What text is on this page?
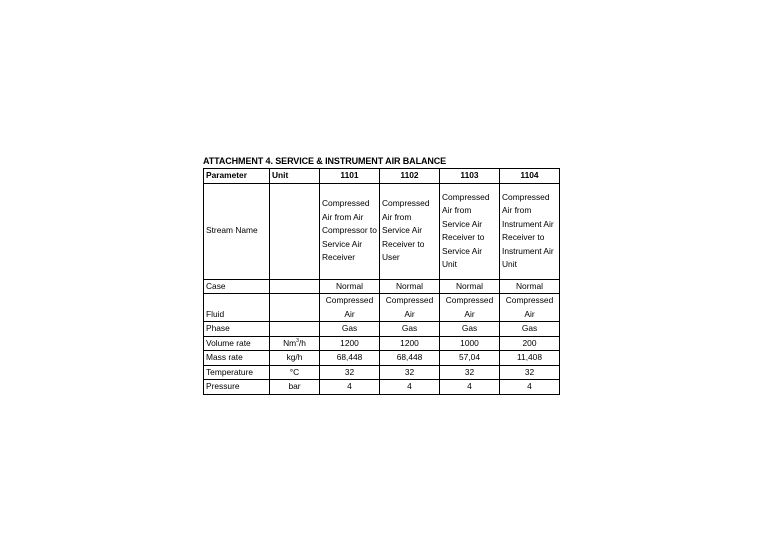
ATTACHMENT 4. SERVICE & INSTRUMENT AIR BALANCE
Parameter	Unit	1101	1102	1103	1104
Stream Name		Compressed Air from Air Compressor to Service Air Receiver	Compressed Air from Service Air Receiver to User	Compressed Air from Service Air Receiver to Service Air Unit	Compressed Air from Instrument Air Receiver to Instrument Air Unit
Case		Normal	Normal	Normal	Normal
Fluid		Compressed Air	Compressed Air	Compressed Air	Compressed Air
Phase		Gas	Gas	Gas	Gas
Volume rate	Nm$^3$/h	1200	1200	1000	200
Mass rate	kg/h	68,448	68,448	57,04	11,408
Temperature	°C	32	32	32	32
Pressure	bar	4	4	4	4
